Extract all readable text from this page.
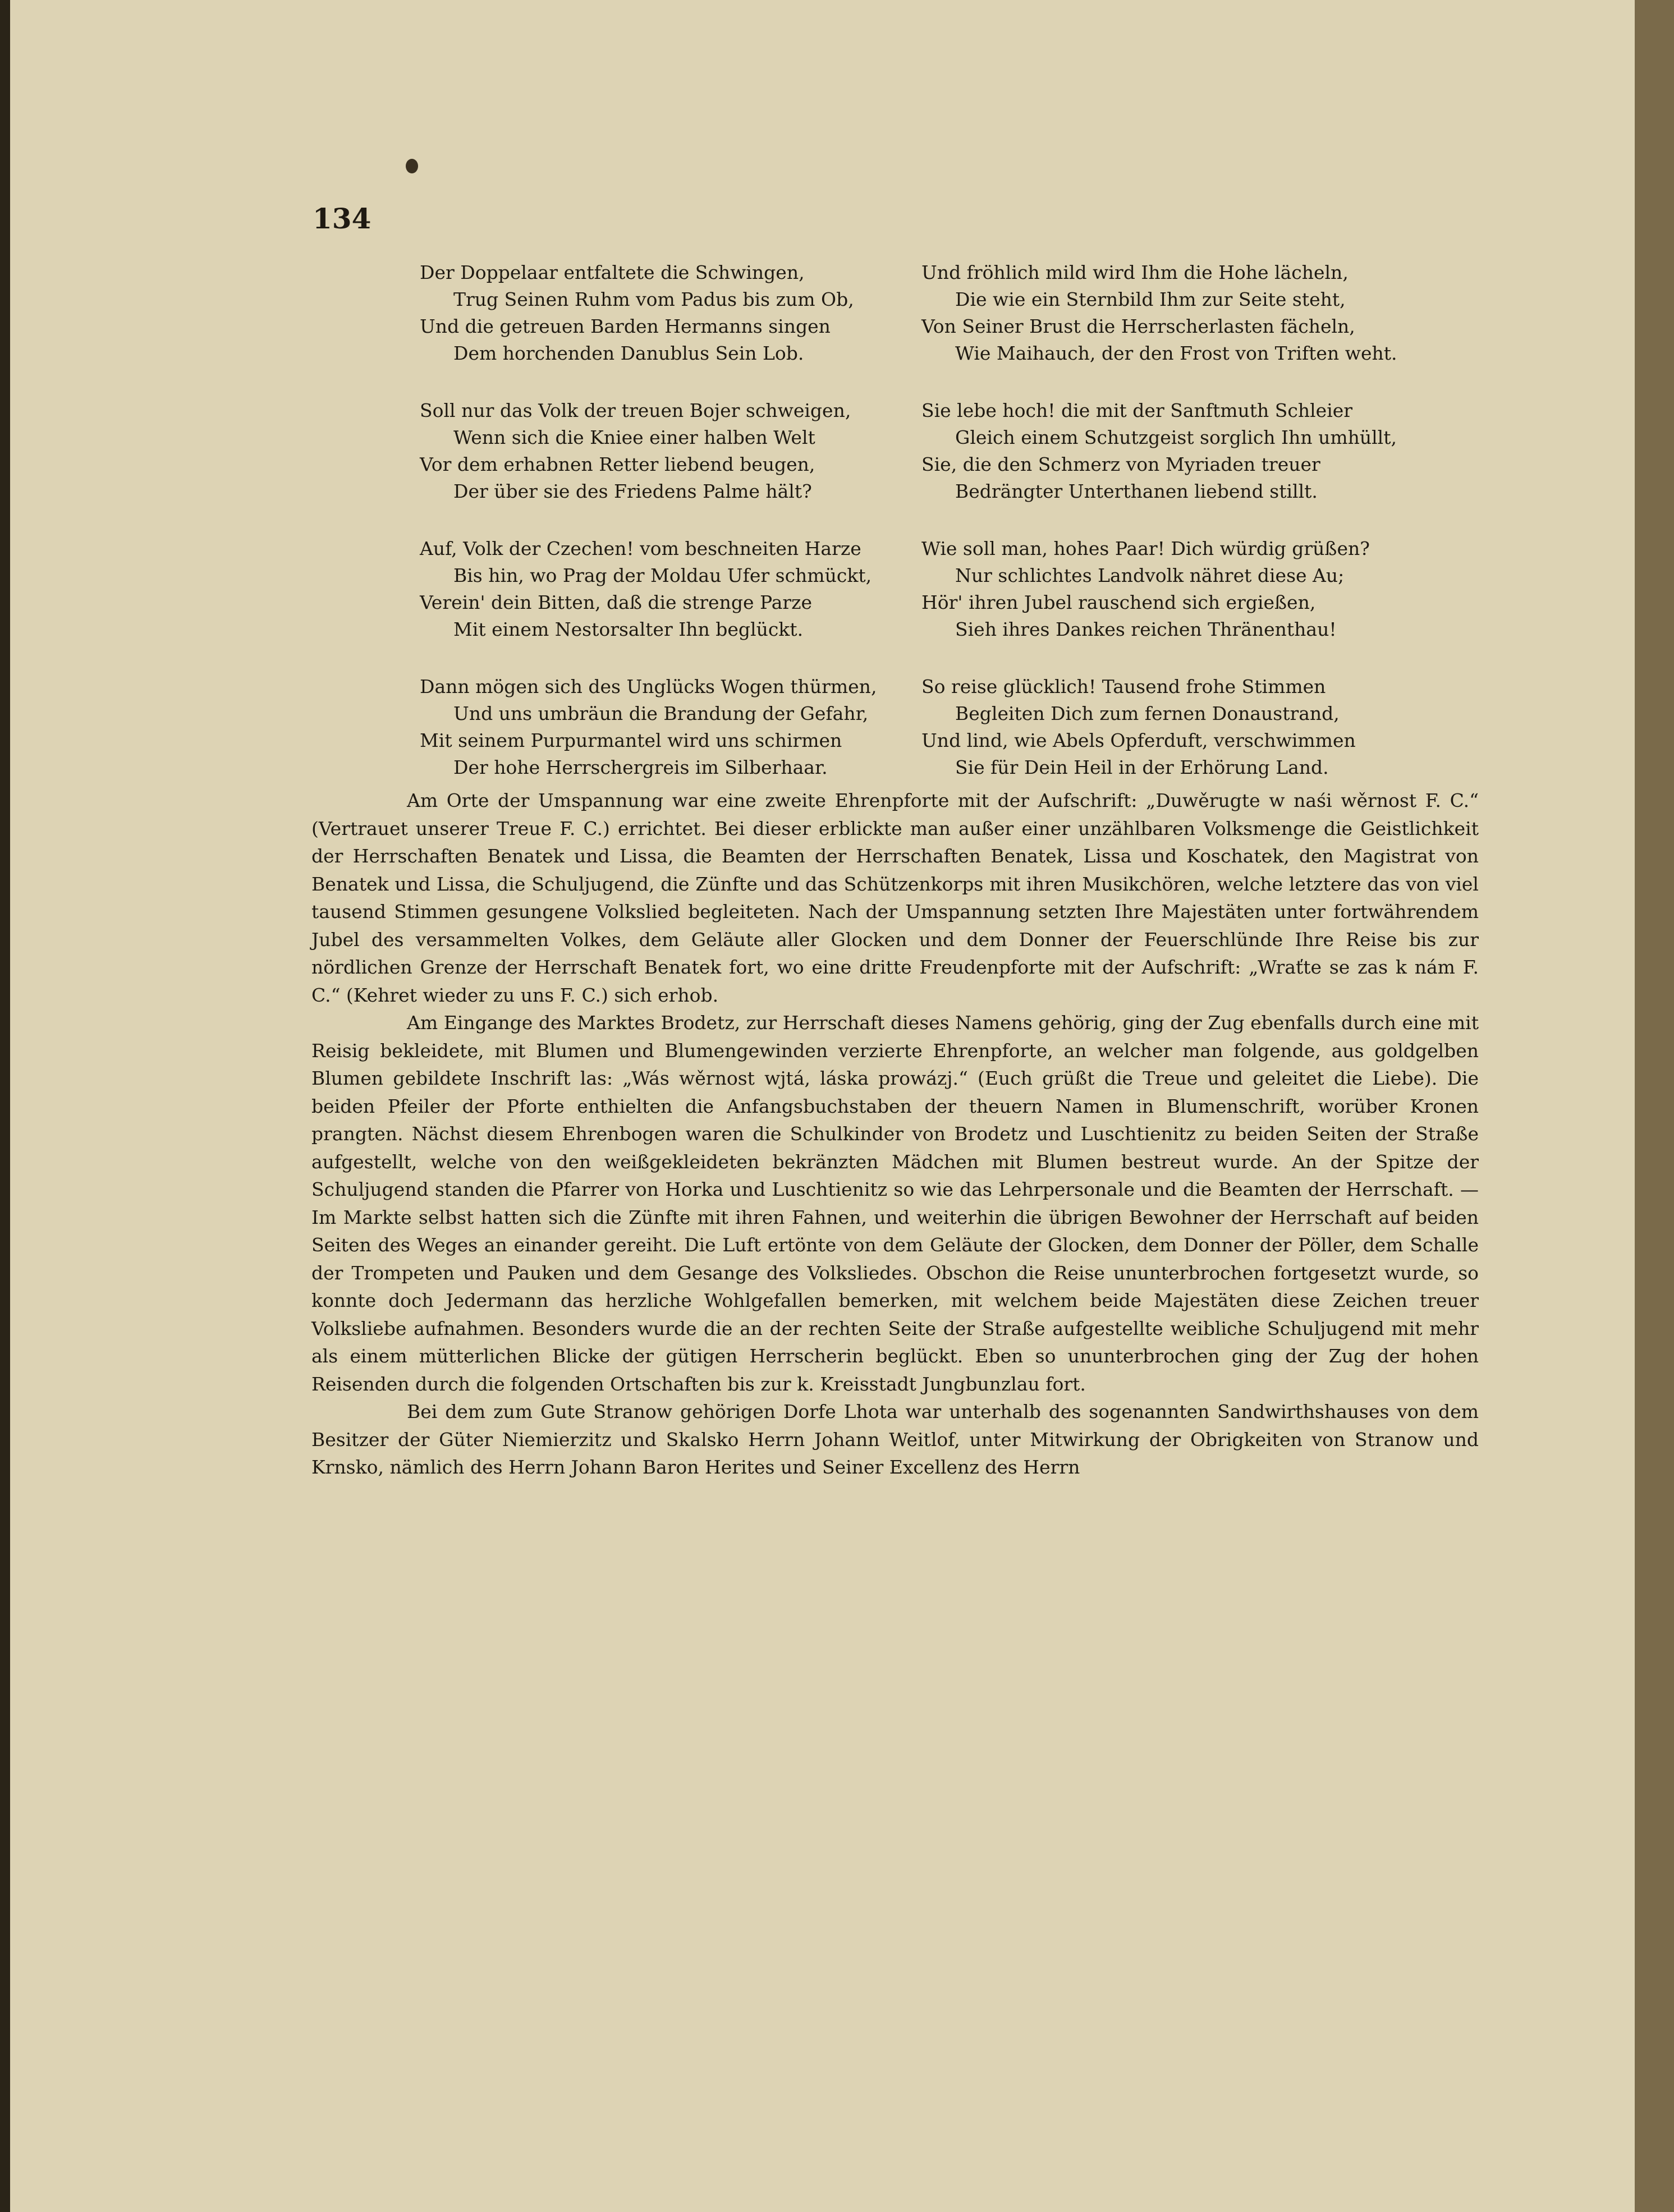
134
Der Doppelaar entfaltete die Schwingen,
Trug Seinen Ruhm vom Padus bis zum Ob,
Und die getreuen Barden Hermanns singen
Dem horchenden Danublus Sein Lob.
Soll nur das Volk der treuen Bojer schweigen,
Wenn sich die Kniee einer halben Welt
Vor dem erhabnen Retter liebend beugen,
Der über sie des Friedens Palme hält?
Auf, Volk der Czechen! vom beschneiten Harze
Bis hin, wo Prag der Moldau Ufer schmückt,
Verein' dein Bitten, daß die strenge Parze
Mit einem Nestorsalter Ihn beglückt.
Dann mögen sich des Unglücks Wogen thürmen,
Und uns umbräun die Brandung der Gefahr,
Mit seinem Purpurmantel wird uns schirmen
Der hohe Herrschergreis im Silberhaar.
Und fröhlich mild wird Ihm die Hohe lächeln,
Die wie ein Sternbild Ihm zur Seite steht,
Von Seiner Brust die Herrscherlasten fächeln,
Wie Maihauch, der den Frost von Triften weht.
Sie lebe hoch! die mit der Sanftmuth Schleier
Gleich einem Schutzgeist sorglich Ihn umhüllt,
Sie, die den Schmerz von Myriaden treuer
Bedrängter Unterthanen liebend stillt.
Wie soll man, hohes Paar! Dich würdig grüßen?
Nur schlichtes Landvolk nähret diese Au;
Hör' ihren Jubel rauschend sich ergießen,
Sieh ihres Dankes reichen Thränenthau!
So reise glücklich! Tausend frohe Stimmen
Begleiten Dich zum fernen Donaustrand,
Und lind, wie Abels Opferduft, verschwimmen
Sie für Dein Heil in der Erhörung Land.

Am Orte der Umspannung war eine zweite Ehrenpforte mit der Aufschrift: „Duwěrugte w naśi wěrnost F. C.“ (Vertrauet unserer Treue F. C.) errichtet. Bei dieser erblickte man außer einer unzählbaren Volksmenge die Geistlichkeit der Herrschaften Benatek und Lissa, die Beamten der Herrschaften Benatek, Lissa und Koschatek, den Magistrat von Benatek und Lissa, die Schuljugend, die Zünfte und das Schützenkorps mit ihren Musikchören, welche letztere das von viel tausend Stimmen gesungene Volkslied begleiteten. Nach der Umspannung setzten Ihre Majestäten unter fortwährendem Jubel des versammelten Volkes, dem Geläute aller Glocken und dem Donner der Feuerschlünde Ihre Reise bis zur nördlichen Grenze der Herrschaft Benatek fort, wo eine dritte Freudenpforte mit der Aufschrift: „Wraťte se zas k nám F. C.“ (Kehret wieder zu uns F. C.) sich erhob.

Am Eingange des Marktes Brodetz, zur Herrschaft dieses Namens gehörig, ging der Zug ebenfalls durch eine mit Reisig bekleidete, mit Blumen und Blumengewinden verzierte Ehrenpforte, an welcher man folgende, aus goldgelben Blumen gebildete Inschrift las: „Wás wěrnost wjtá, láska prowázj.“ (Euch grüßt die Treue und geleitet die Liebe). Die beiden Pfeiler der Pforte enthielten die Anfangsbuchstaben der theuern Namen in Blumenschrift, worüber Kronen prangten. Nächst diesem Ehrenbogen waren die Schulkinder von Brodetz und Luschtienitz zu beiden Seiten der Straße aufgestellt, welche von den weißgekleideten bekränzten Mädchen mit Blumen bestreut wurde. An der Spitze der Schuljugend standen die Pfarrer von Horka und Luschtienitz so wie das Lehrpersonale und die Beamten der Herrschaft. — Im Markte selbst hatten sich die Zünfte mit ihren Fahnen, und weiterhin die übrigen Bewohner der Herrschaft auf beiden Seiten des Weges an einander gereiht. Die Luft ertönte von dem Geläute der Glocken, dem Donner der Pöller, dem Schalle der Trompeten und Pauken und dem Gesange des Volksliedes. Obschon die Reise ununterbrochen fortgesetzt wurde, so konnte doch Jedermann das herzliche Wohlgefallen bemerken, mit welchem beide Majestäten diese Zeichen treuer Volksliebe aufnahmen. Besonders wurde die an der rechten Seite der Straße aufgestellte weibliche Schuljugend mit mehr als einem mütterlichen Blicke der gütigen Herrscherin beglückt. Eben so ununterbrochen ging der Zug der hohen Reisenden durch die folgenden Ortschaften bis zur k. Kreisstadt Jungbunzlau fort.

Bei dem zum Gute Stranow gehörigen Dorfe Lhota war unterhalb des sogenannten Sandwirthshauses von dem Besitzer der Güter Niemierzitz und Skalsko Herrn Johann Weitlof, unter Mitwirkung der Obrigkeiten von Stranow und Krnsko, nämlich des Herrn Johann Baron Herites und Seiner Excellenz des Herrn
